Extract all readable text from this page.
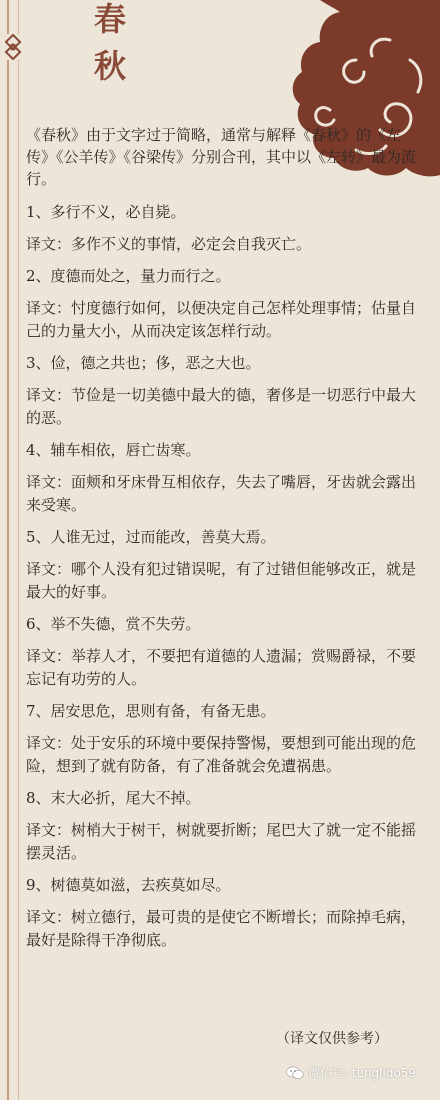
春
秋

《春秋》由于文字过于简略，通常与解释《春秋》的《左传》《公羊传》《谷梁传》分别合刊，其中以《左转》最为流行。

1、多行不义，必自毙。

译文：多作不义的事情，必定会自我灭亡。

2、度德而处之，量力而行之。

译文：忖度德行如何，以便决定自己怎样处理事情；估量自己的力量大小，从而决定该怎样行动。

3、俭，德之共也；侈，恶之大也。

译文：节俭是一切美德中最大的德，奢侈是一切恶行中最大的恶。

4、辅车相依，唇亡齿寒。

译文：面颊和牙床骨互相依存，失去了嘴唇，牙齿就会露出来受寒。

5、人谁无过，过而能改，善莫大焉。

译文：哪个人没有犯过错误呢，有了过错但能够改正，就是最大的好事。

6、举不失德，赏不失劳。

译文：举荐人才，不要把有道德的人遗漏；赏赐爵禄，不要忘记有功劳的人。

7、居安思危，思则有备，有备无患。

译文：处于安乐的环境中要保持警惕，要想到可能出现的危险，想到了就有防备，有了准备就会免遭祸患。

8、末大必折，尾大不掉。

译文：树梢大于树干，树就要折断；尾巴大了就一定不能摇摆灵活。

9、树德莫如滋，去疾莫如尽。

译文：树立德行，最可贵的是使它不断增长；而除掉毛病，最好是除得干净彻底。

（译文仅供参考）
微信号: tenglido59
